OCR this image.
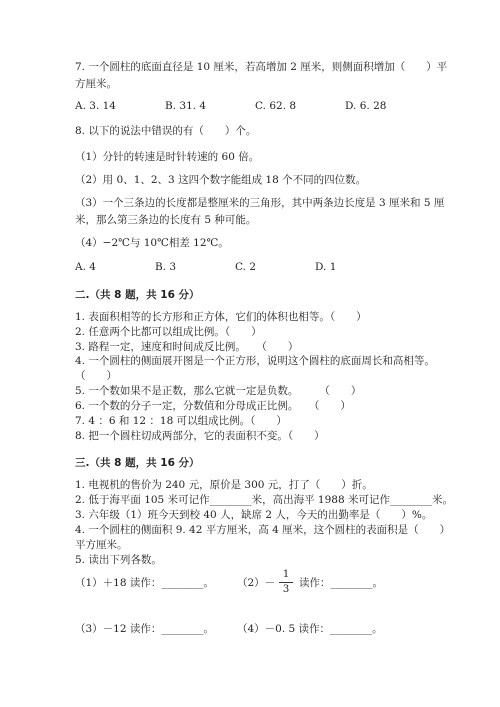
7. 一个圆柱的底面直径是 10 厘米，若高增加 2 厘米，则侧面积增加（　　）平
方厘米。
A. 3. 14	B. 31. 4	C. 62. 8	D. 6. 28
8. 以下的说法中错误的有（　　）个。
（1）分针的转速是时针转速的 60 倍。
（2）用 0、1、2、3 这四个数字能组成 18 个不同的四位数。
（3）一个三条边的长度都是整厘米的三角形，其中两条边长度是 3 厘米和 5 厘
米，那么第三条边的长度有 5 种可能。
（4）−2℃与 10℃相差 12℃。
A. 4	B. 3	C. 2	D. 1
二.（共 8 题，共 16 分）
1. 表面积相等的长方形和正方体，它们的体积也相等。（　　）
2. 任意两个比都可以组成比例。（　　）
3. 路程一定，速度和时间成反比例。　　（　　）
4. 一个圆柱的侧面展开图是一个正方形，说明这个圆柱的底面周长和高相等。
（　　）
5. 一个数如果不是正数，那么它就一定是负数。　　　（　　）
6. 一个数的分子一定，分数值和分母成正比例。　　（　　）
7. 4 ：6 和 12 ：18 可以组成比例。（　　）
8. 把一个圆柱切成两部分，它的表面积不变。（　　）
三.（共 8 题，共 16 分）
1. 电视机的售价为 240 元，原价是 300 元，打了（　　）折。
2. 低于海平面 105 米可记作________米，高出海平 1988 米可记作________米。
3. 六年级（1）班今天到校 40 人，缺席 2 人，今天的出勤率是（　　）%。
4. 一个圆柱的侧面积 9. 42 平方厘米，高 4 厘米，这个圆柱的表面积是（　　）
平方厘米。
5. 读出下列各数。
（1）＋18 读作：________。 （2）－
1
3
读作：________。
（3）－12 读作：________。 （4）－0. 5 读作：________。
